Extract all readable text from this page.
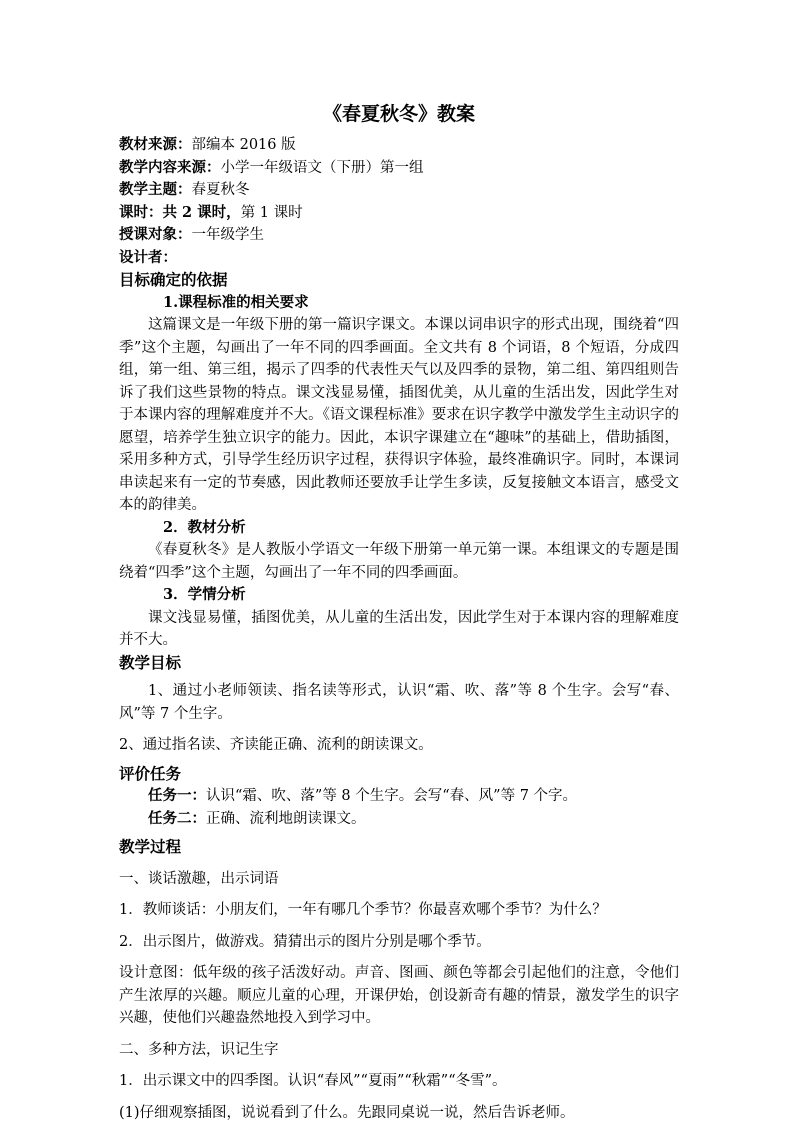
《春夏秋冬》教案

教材来源：部编本 2016 版

教学内容来源：小学一年级语文（下册）第一组

教学主题：春夏秋冬

课时：共 2 课时，第 1 课时

授课对象：一年级学生

设计者：

目标确定的依据

1.课程标准的相关要求

这篇课文是一年级下册的第一篇识字课文。本课以词串识字的形式出现，围绕着“四季”这个主题，勾画出了一年不同的四季画面。全文共有 8 个词语，8 个短语，分成四组，第一组、第三组，揭示了四季的代表性天气以及四季的景物，第二组、第四组则告诉了我们这些景物的特点。课文浅显易懂，插图优美，从儿童的生活出发，因此学生对于本课内容的理解难度并不大。《语文课程标准》要求在识字教学中激发学生主动识字的愿望，培养学生独立识字的能力。因此，本识字课建立在“趣味”的基础上，借助插图，采用多种方式，引导学生经历识字过程，获得识字体验，最终准确识字。同时，本课词串读起来有一定的节奏感，因此教师还要放手让学生多读，反复接触文本语言，感受文本的韵律美。

2．教材分析

《春夏秋冬》是人教版小学语文一年级下册第一单元第一课。本组课文的专题是围绕着“四季”这个主题，勾画出了一年不同的四季画面。

3．学情分析

课文浅显易懂，插图优美，从儿童的生活出发，因此学生对于本课内容的理解难度并不大。

教学目标

1、通过小老师领读、指名读等形式，认识“霜、吹、落”等 8 个生字。会写“春、风”等 7 个生字。

2、通过指名读、齐读能正确、流利的朗读课文。

评价任务

任务一：认识“霜、吹、落”等 8 个生字。会写“春、风”等 7 个字。

任务二：正确、流利地朗读课文。

教学过程

一、谈话激趣，出示词语

1．教师谈话：小朋友们，一年有哪几个季节？你最喜欢哪个季节？为什么？

2．出示图片，做游戏。猜猜出示的图片分别是哪个季节。

设计意图：低年级的孩子活泼好动。声音、图画、颜色等都会引起他们的注意，令他们产生浓厚的兴趣。顺应儿童的心理，开课伊始，创设新奇有趣的情景，激发学生的识字兴趣，使他们兴趣盎然地投入到学习中。

二、多种方法，识记生字

1．出示课文中的四季图。认识“春风”“夏雨”“秋霜”“冬雪”。

(1)仔细观察插图，说说看到了什么。先跟同桌说一说，然后告诉老师。
